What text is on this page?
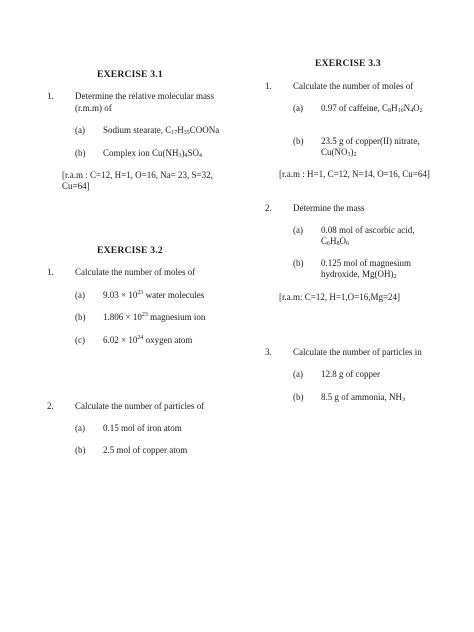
EXERCISE 3.1
1. Determine the relative molecular mass
(r.m.m) of
(a) Sodium stearate, $C_{17}H_{35}COONa$
(b) Complex ion $Cu(NH_3)_4SO_4$
[r.a.m : C=12, H=1, O=16, Na= 23, S=32,
Cu=64]
EXERCISE 3.2
1. Calculate the number of moles of
(a) $9.03 \times 10^{23}$ water molecules
(b) $1.806 \times 10^{23}$ magnesium ion
(c) $6.02 \times 10^{24}$ oxygen atom
2. Calculate the number of particles of
(a) 0.15 mol of iron atom
(b) 2.5 mol of copper atom
EXERCISE 3.3
1. Calculate the number of moles of
(a) 0.97 of caffeine, $C_8H_{10}N_4O_2$
(b) 23.5 g of copper(II) nitrate,
$Cu(NO_3)_2$
[r.a.m : H=1, C=12, N=14, O=16, Cu=64]
2. Determine the mass
(a) 0.08 mol of ascorbic acid,
$C_6H_8O_6$
(b) 0.125 mol of magnesium
hydroxide, $Mg(OH)_2$
[r.a.m: C=12, H=1,O=16,Mg=24]
3. Calculate the number of particles in
(a) 12.8 g of copper
(b) 8.5 g of ammonia, $NH_3$
